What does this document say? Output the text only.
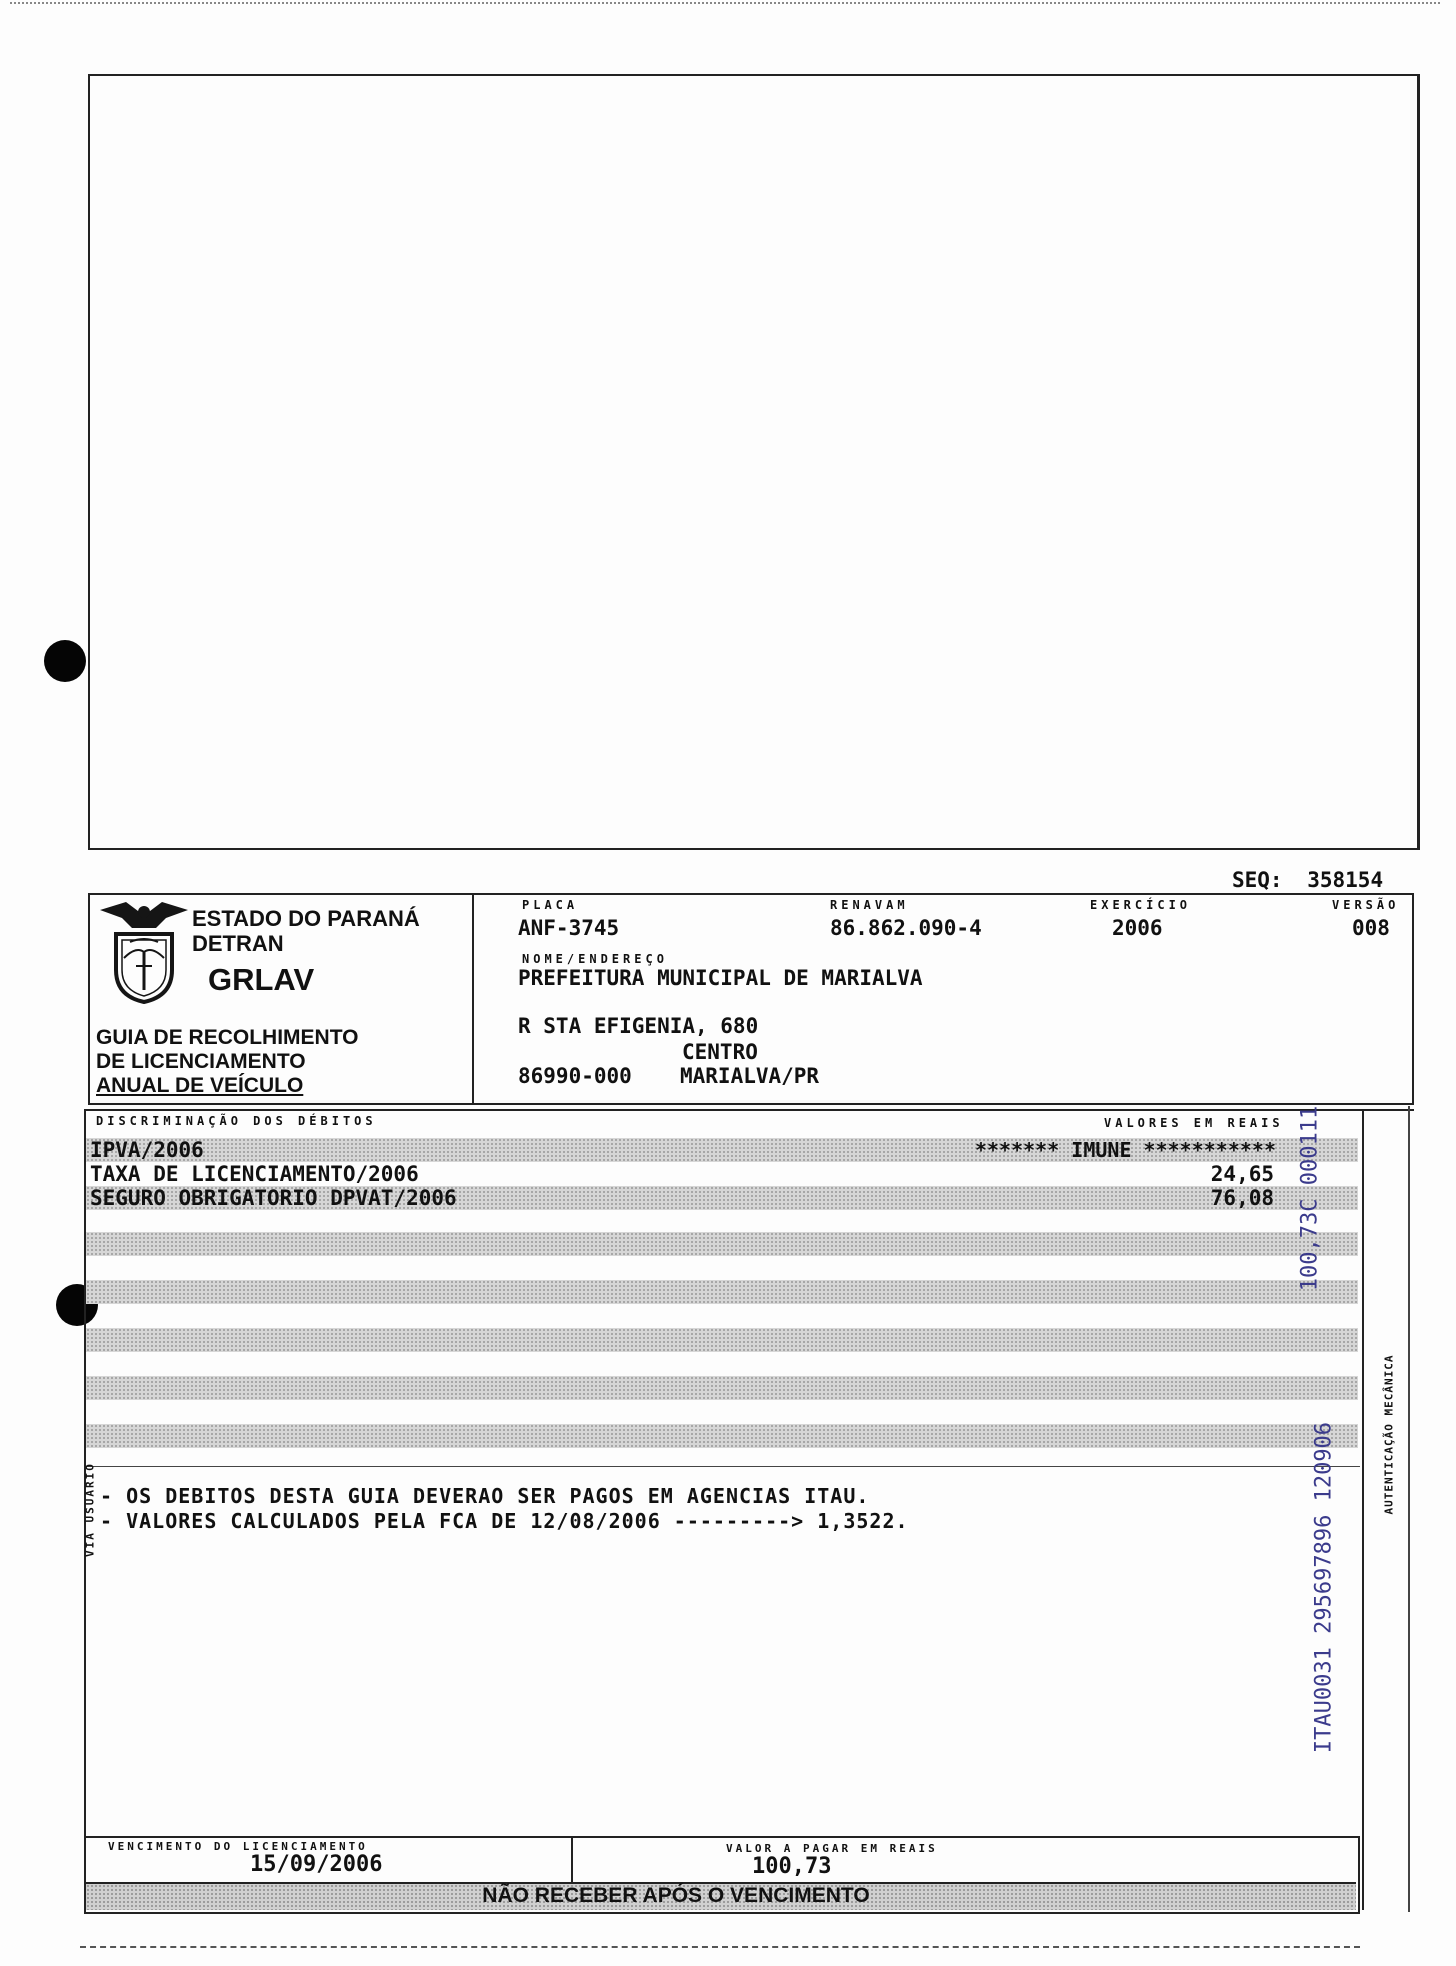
SEQ: 358154
ESTADO DO PARANÁ
DETRAN
GRLAV
GUIA DE RECOLHIMENTO
DE LICENCIAMENTO
ANUAL DE VEÍCULO
PLACA
ANF-3745
RENAVAM
86.862.090-4
EXERCÍCIO
2006
VERSÃO
008
NOME/ENDEREÇO
PREFEITURA MUNICIPAL DE MARIALVA
R STA EFIGENIA, 680
CENTRO
86990-000 MARIALVA/PR
DISCRIMINAÇÃO DOS DÉBITOS	VALORES EM REAIS
IPVA/2006	******* IMUNE ***********
TAXA DE LICENCIAMENTO/2006	24,65
SEGURO OBRIGATORIO DPVAT/2006	76,08
- OS DEBITOS DESTA GUIA DEVERAO SER PAGOS EM AGENCIAS ITAU.
- VALORES CALCULADOS PELA FCA DE 12/08/2006 ---------> 1,3522.
VIA USUARIO	AUTENTICAÇÃO MECÂNICA
100,73C 000111
ITAU0031 295697896 120906
VENCIMENTO DO LICENCIAMENTO
15/09/2006
VALOR A PAGAR EM REAIS
100,73
NÃO RECEBER APÓS O VENCIMENTO
